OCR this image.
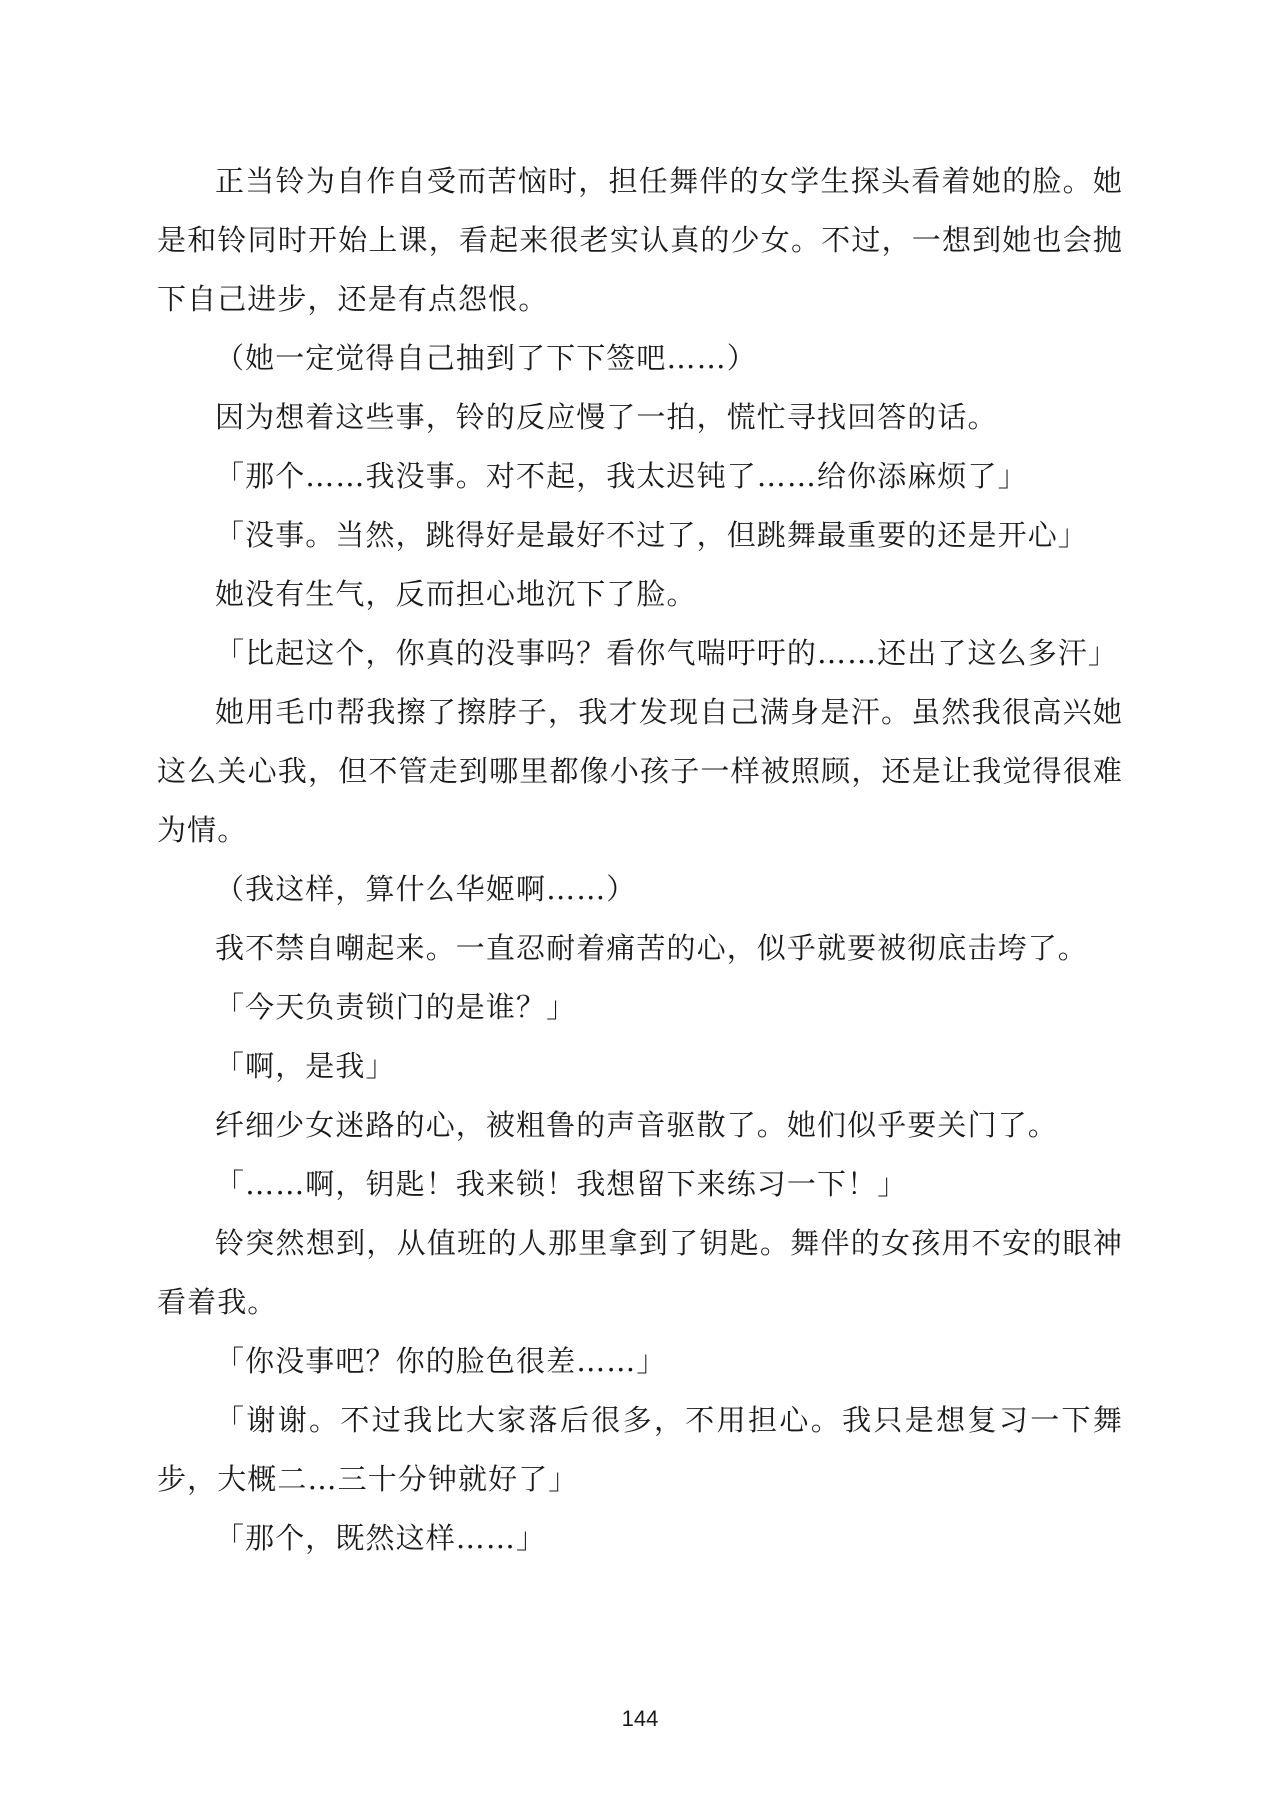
正当铃为自作自受而苦恼时，担任舞伴的女学生探头看着她的脸。她是和铃同时开始上课，看起来很老实认真的少女。不过，一想到她也会抛下自己进步，还是有点怨恨。

（她一定觉得自己抽到了下下签吧……）

因为想着这些事，铃的反应慢了一拍，慌忙寻找回答的话。

「那个……我没事。对不起，我太迟钝了……给你添麻烦了」

「没事。当然，跳得好是最好不过了，但跳舞最重要的还是开心」

她没有生气，反而担心地沉下了脸。

「比起这个，你真的没事吗？看你气喘吁吁的……还出了这么多汗」

她用毛巾帮我擦了擦脖子，我才发现自己满身是汗。虽然我很高兴她这么关心我，但不管走到哪里都像小孩子一样被照顾，还是让我觉得很难为情。

（我这样，算什么华姬啊……）

我不禁自嘲起来。一直忍耐着痛苦的心，似乎就要被彻底击垮了。

「今天负责锁门的是谁？」

「啊，是我」

纤细少女迷路的心，被粗鲁的声音驱散了。她们似乎要关门了。

「……啊，钥匙！我来锁！我想留下来练习一下！」

铃突然想到，从值班的人那里拿到了钥匙。舞伴的女孩用不安的眼神看着我。

「你没事吧？你的脸色很差……」

「谢谢。不过我比大家落后很多，不用担心。我只是想复习一下舞步，大概二…三十分钟就好了」

「那个，既然这样……」

144
